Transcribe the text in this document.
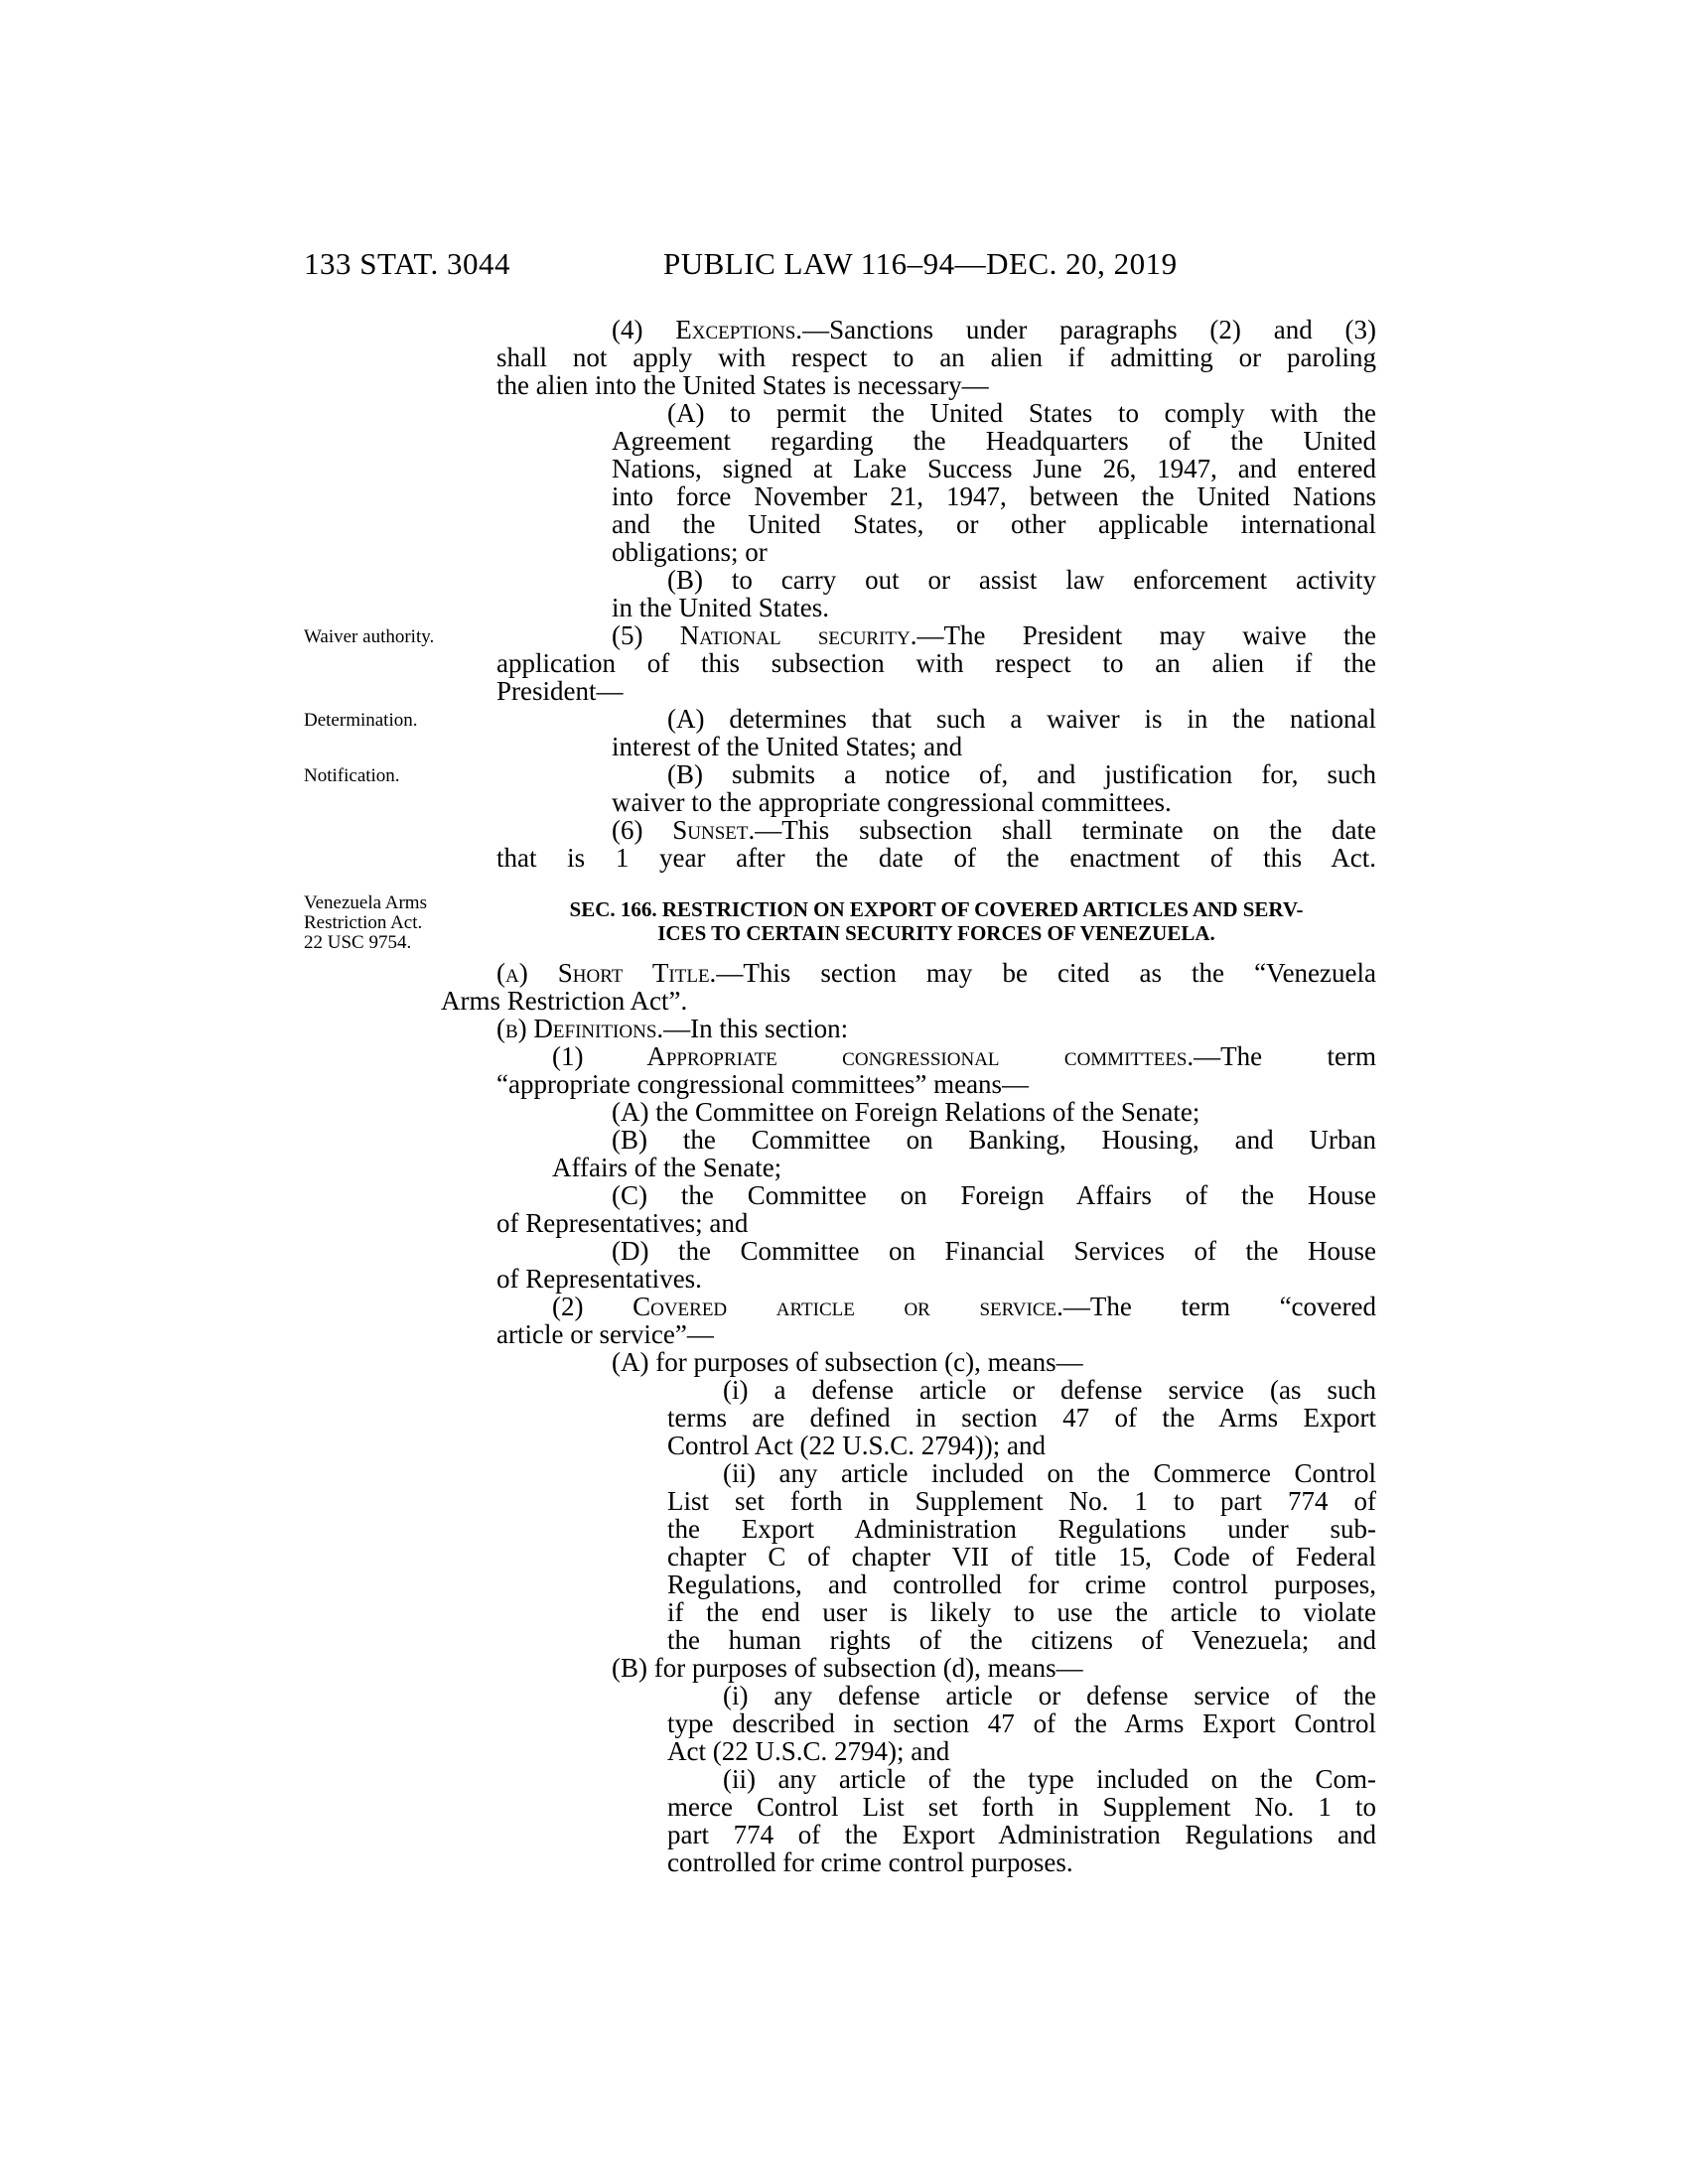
133 STAT. 3044	PUBLIC LAW 116–94—DEC. 20, 2019
Waiver authority.
Determination.
Notification.
Venezuela Arms
Restriction Act.
22 USC 9754.

(4) Exceptions.—Sanctions under paragraphs (2) and (3)

shall not apply with respect to an alien if admitting or paroling

the alien into the United States is necessary—

(A) to permit the United States to comply with the

Agreement regarding the Headquarters of the United

Nations, signed at Lake Success June 26, 1947, and entered

into force November 21, 1947, between the United Nations

and the United States, or other applicable international

obligations; or

(B) to carry out or assist law enforcement activity

in the United States.

(5) National security.—The President may waive the

application of this subsection with respect to an alien if the

President—

(A) determines that such a waiver is in the national

interest of the United States; and

(B) submits a notice of, and justification for, such

waiver to the appropriate congressional committees.

(6) Sunset.—This subsection shall terminate on the date

that is 1 year after the date of the enactment of this Act.

SEC. 166. RESTRICTION ON EXPORT OF COVERED ARTICLES AND SERV-
ICES TO CERTAIN SECURITY FORCES OF VENEZUELA.

(a) Short Title.—This section may be cited as the “Venezuela

Arms Restriction Act”.

(b) Definitions.—In this section:

(1) Appropriate congressional committees.—The term

“appropriate congressional committees” means—

(A) the Committee on Foreign Relations of the Senate;

(B) the Committee on Banking, Housing, and Urban

Affairs of the Senate;

(C) the Committee on Foreign Affairs of the House

of Representatives; and

(D) the Committee on Financial Services of the House

of Representatives.

(2) Covered article or service.—The term “covered

article or service”—

(A) for purposes of subsection (c), means—

(i) a defense article or defense service (as such

terms are defined in section 47 of the Arms Export

Control Act (22 U.S.C. 2794)); and

(ii) any article included on the Commerce Control

List set forth in Supplement No. 1 to part 774 of

the Export Administration Regulations under sub-

chapter C of chapter VII of title 15, Code of Federal

Regulations, and controlled for crime control purposes,

if the end user is likely to use the article to violate

the human rights of the citizens of Venezuela; and

(B) for purposes of subsection (d), means—

(i) any defense article or defense service of the

type described in section 47 of the Arms Export Control

Act (22 U.S.C. 2794); and

(ii) any article of the type included on the Com-

merce Control List set forth in Supplement No. 1 to

part 774 of the Export Administration Regulations and

controlled for crime control purposes.
